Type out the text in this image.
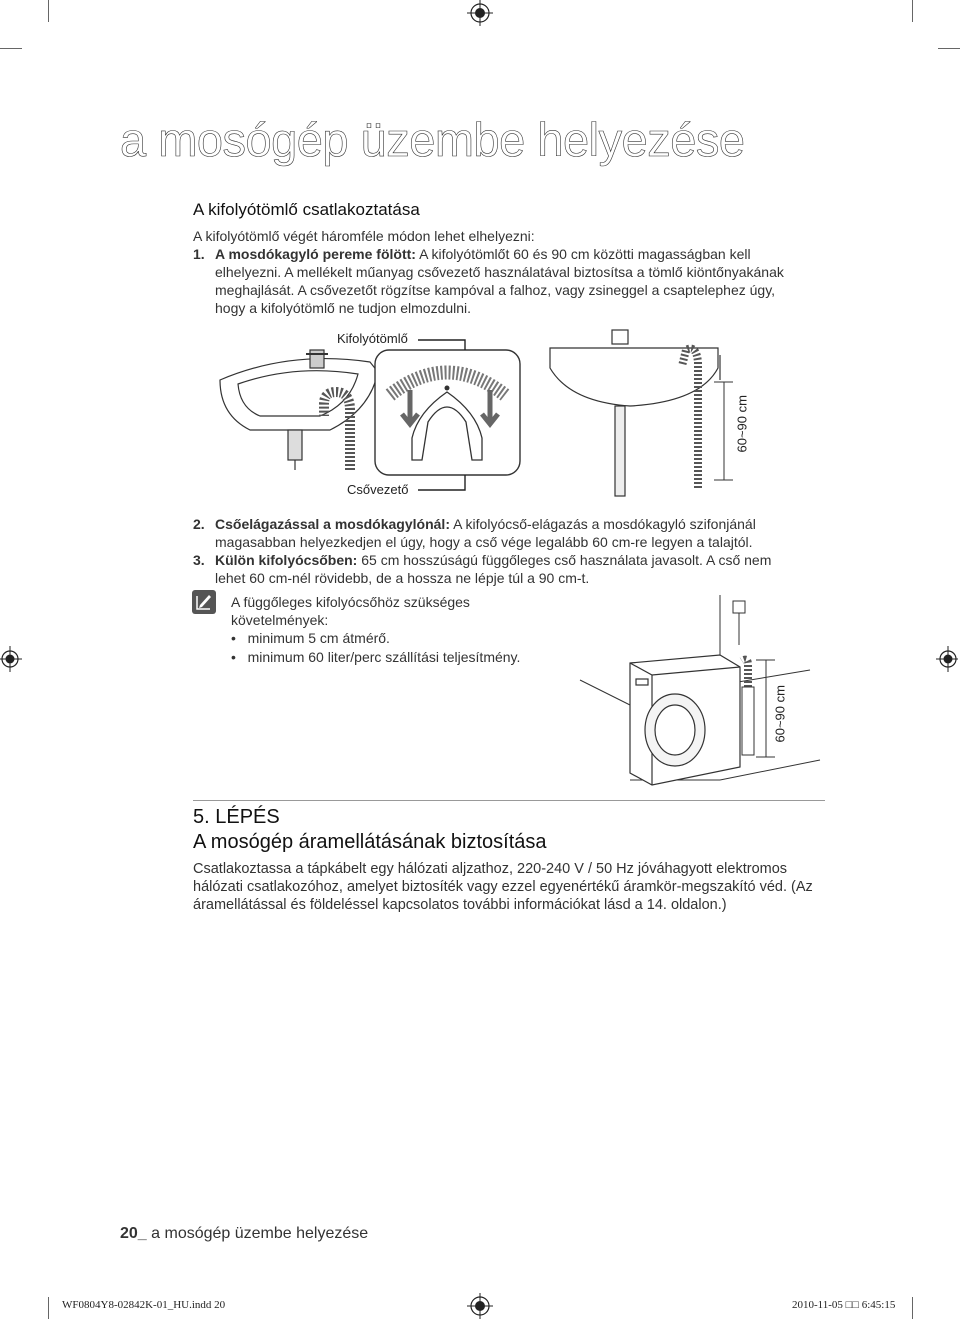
a mosógép üzembe helyezése
A kifolyótömlő csatlakoztatása
A kifolyótömlő végét háromféle módon lehet elhelyezni:
1. A mosdókagyló pereme fölött: A kifolyótömlőt 60 és 90 cm közötti magasságban kell
elhelyezni. A mellékelt műanyag csővezető használatával biztosítsa a tömlő kiöntőnyakának
meghajlását. A csővezetőt rögzítse kampóval a falhoz, vagy zsineggel a csaptelephez úgy,
hogy a kifolyótömlő ne tudjon elmozdulni.
Kifolyótömlő
Csővezető
60~90 cm
2. Csőelágazással a mosdókagylónál: A kifolyócső-elágazás a mosdókagyló szifonjánál
magasabban helyezkedjen el úgy, hogy a cső vége legalább 60 cm-re legyen a talajtól.
3. Külön kifolyócsőben: 65 cm hosszúságú függőleges cső használata javasolt. A cső nem
lehet 60 cm-nél rövidebb, de a hossza ne lépje túl a 90 cm-t.
A függőleges kifolyócsőhöz szükséges
követelmények:
• minimum 5 cm átmérő.
• minimum 60 liter/perc szállítási teljesítmény.
60~90 cm
5. LÉPÉS
A mosógép áramellátásának biztosítása
Csatlakoztassa a tápkábelt egy hálózati aljzathoz, 220-240 V / 50 Hz jóváhagyott elektromos
hálózati csatlakozóhoz, amelyet biztosíték vagy ezzel egyenértékű áramkör-megszakító véd. (Az
áramellátással és földeléssel kapcsolatos további információkat lásd a 14. oldalon.)
20_ a mosógép üzembe helyezése
WF0804Y8-02842K-01_HU.indd 20	2010-11-05 □□ 6:45:15
